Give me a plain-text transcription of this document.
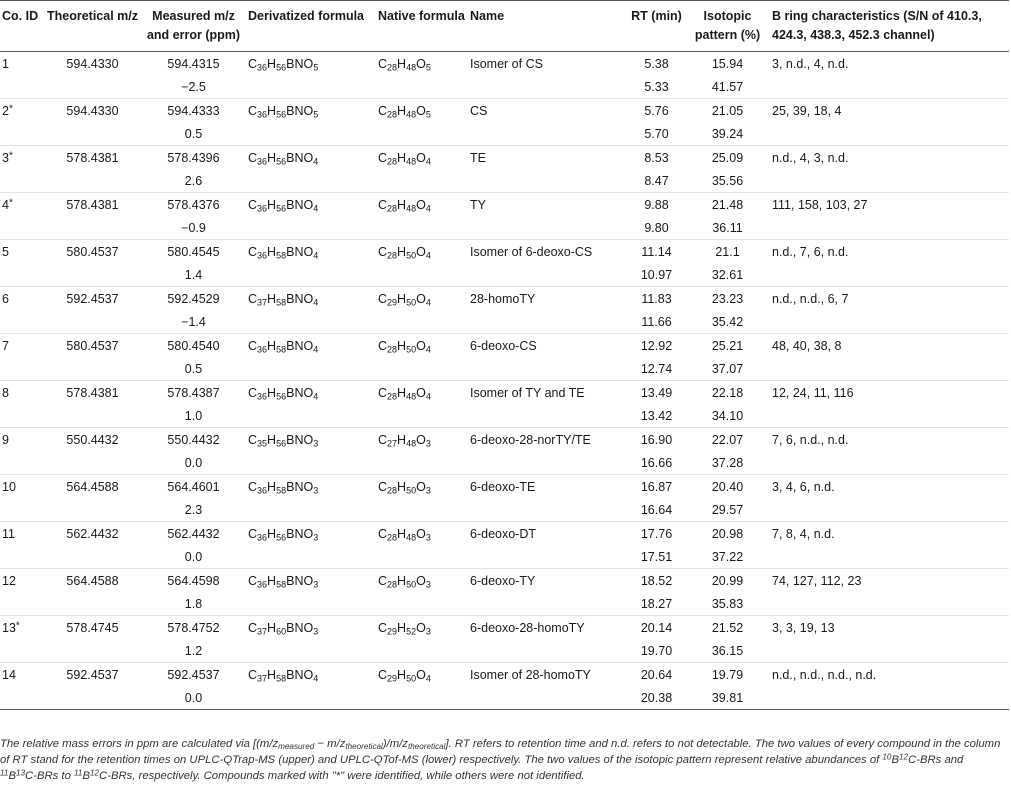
Co. ID	Theoretical m/z	Measured m/z and error (ppm)	Derivatized formula	Native formula	Name	RT (min)	Isotopic pattern (%)	B ring characteristics (S/N of 410.3, 424.3, 438.3, 452.3 channel)
1	594.4330	594.4315	$C_{36}H_{56}BNO_5$	$C_{28}H_{48}O_5$	Isomer of CS	5.38	15.94	3, n.d., 4, n.d.
		−2.5				5.33	41.57	
2*	594.4330	594.4333	$C_{36}H_{56}BNO_5$	$C_{28}H_{48}O_5$	CS	5.76	21.05	25, 39, 18, 4
		0.5				5.70	39.24	
3*	578.4381	578.4396	$C_{36}H_{56}BNO_4$	$C_{28}H_{48}O_4$	TE	8.53	25.09	n.d., 4, 3, n.d.
		2.6				8.47	35.56	
4*	578.4381	578.4376	$C_{36}H_{56}BNO_4$	$C_{28}H_{48}O_4$	TY	9.88	21.48	111, 158, 103, 27
		−0.9				9.80	36.11	
5	580.4537	580.4545	$C_{36}H_{58}BNO_4$	$C_{28}H_{50}O_4$	Isomer of 6-deoxo-CS	11.14	21.1	n.d., 7, 6, n.d.
		1.4				10.97	32.61	
6	592.4537	592.4529	$C_{37}H_{58}BNO_4$	$C_{29}H_{50}O_4$	28-homoTY	11.83	23.23	n.d., n.d., 6, 7
		−1.4				11.66	35.42	
7	580.4537	580.4540	$C_{36}H_{58}BNO_4$	$C_{28}H_{50}O_4$	6-deoxo-CS	12.92	25.21	48, 40, 38, 8
		0.5				12.74	37.07	
8	578.4381	578.4387	$C_{36}H_{56}BNO_4$	$C_{28}H_{48}O_4$	Isomer of TY and TE	13.49	22.18	12, 24, 11, 116
		1.0				13.42	34.10	
9	550.4432	550.4432	$C_{35}H_{56}BNO_3$	$C_{27}H_{48}O_3$	6-deoxo-28-norTY/TE	16.90	22.07	7, 6, n.d., n.d.
		0.0				16.66	37.28	
10	564.4588	564.4601	$C_{36}H_{58}BNO_3$	$C_{28}H_{50}O_3$	6-deoxo-TE	16.87	20.40	3, 4, 6, n.d.
		2.3				16.64	29.57	
11	562.4432	562.4432	$C_{36}H_{56}BNO_3$	$C_{28}H_{48}O_3$	6-deoxo-DT	17.76	20.98	7, 8, 4, n.d.
		0.0				17.51	37.22	
12	564.4588	564.4598	$C_{36}H_{58}BNO_3$	$C_{28}H_{50}O_3$	6-deoxo-TY	18.52	20.99	74, 127, 112, 23
		1.8				18.27	35.83	
13*	578.4745	578.4752	$C_{37}H_{60}BNO_3$	$C_{29}H_{52}O_3$	6-deoxo-28-homoTY	20.14	21.52	3, 3, 19, 13
		1.2				19.70	36.15	
14	592.4537	592.4537	$C_{37}H_{58}BNO_4$	$C_{29}H_{50}O_4$	Isomer of 28-homoTY	20.64	19.79	n.d., n.d., n.d., n.d.
		0.0				20.38	39.81	
The relative mass errors in ppm are calculated via $[(m/z_{measured} - m/z_{theoretical})/m/z_{theoretical}]$. RT refers to retention time and n.d. refers to not detectable. The two values of every compound in the column of RT stand for the retention times on UPLC-QTrap-MS (upper) and UPLC-QTof-MS (lower) respectively. The two values of the isotopic pattern represent relative abundances of $^{10}B^{12}C$-BRs and $^{11}B^{13}C$-BRs to $^{11}B^{12}C$-BRs, respectively. Compounds marked with "*" were identified, while others were not identified.
